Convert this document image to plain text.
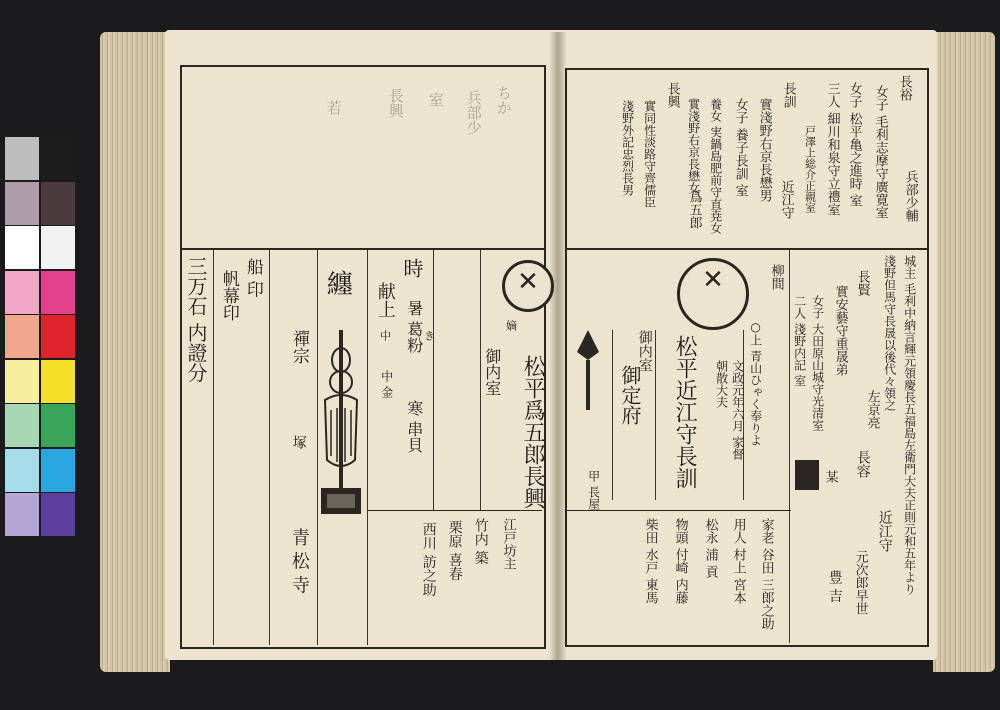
ちか
兵部少
室
長興
若
三万石 内證分 船 印
帆幕印
禪宗
塚
青 松 寺
纏
時
献上 暑 葛粉
中 金
寒 串貝
中	き
江戸坊主
竹内 築
栗原 喜春
西川 訪之助
✕
嫡
御内室 松平爲五郎長興
長裕
女子 毛利志摩守廣寛室 兵部少輔
女子 松平亀之進時 室
三人 細川和泉守立禮室
戸澤上総介正親室
近江守
長訓
實淺野右京長懋男
女子 養子長訓 室
養女 実鍋島肥前守直尭女
實淺野右京長懋女
爲五郎
長興
實同性淡路守齊儒臣
淺野外記忠烈長男
城主 毛利中納言輝元領慶長五福島左衛門大夫正則元和五年より
淺野但馬守長晟以後代々領之
長賢
實安藝守重晟弟
女子 大田原山城守光清室
二人 淺野内記 室
左京亮
長容
某
近江守
元次郎早世
豊 吉
✕
柳間
○上 青山ひゃく奉りよ
文政元年六月 家督
朝散大夫
松平近江守長訓
御内室
御定府
甲 長屋
家老 谷田 三郎之助
用人 村上 宮本
松永 浦 貢
物頭 付崎 内藤
柴田 水戸 東馬
